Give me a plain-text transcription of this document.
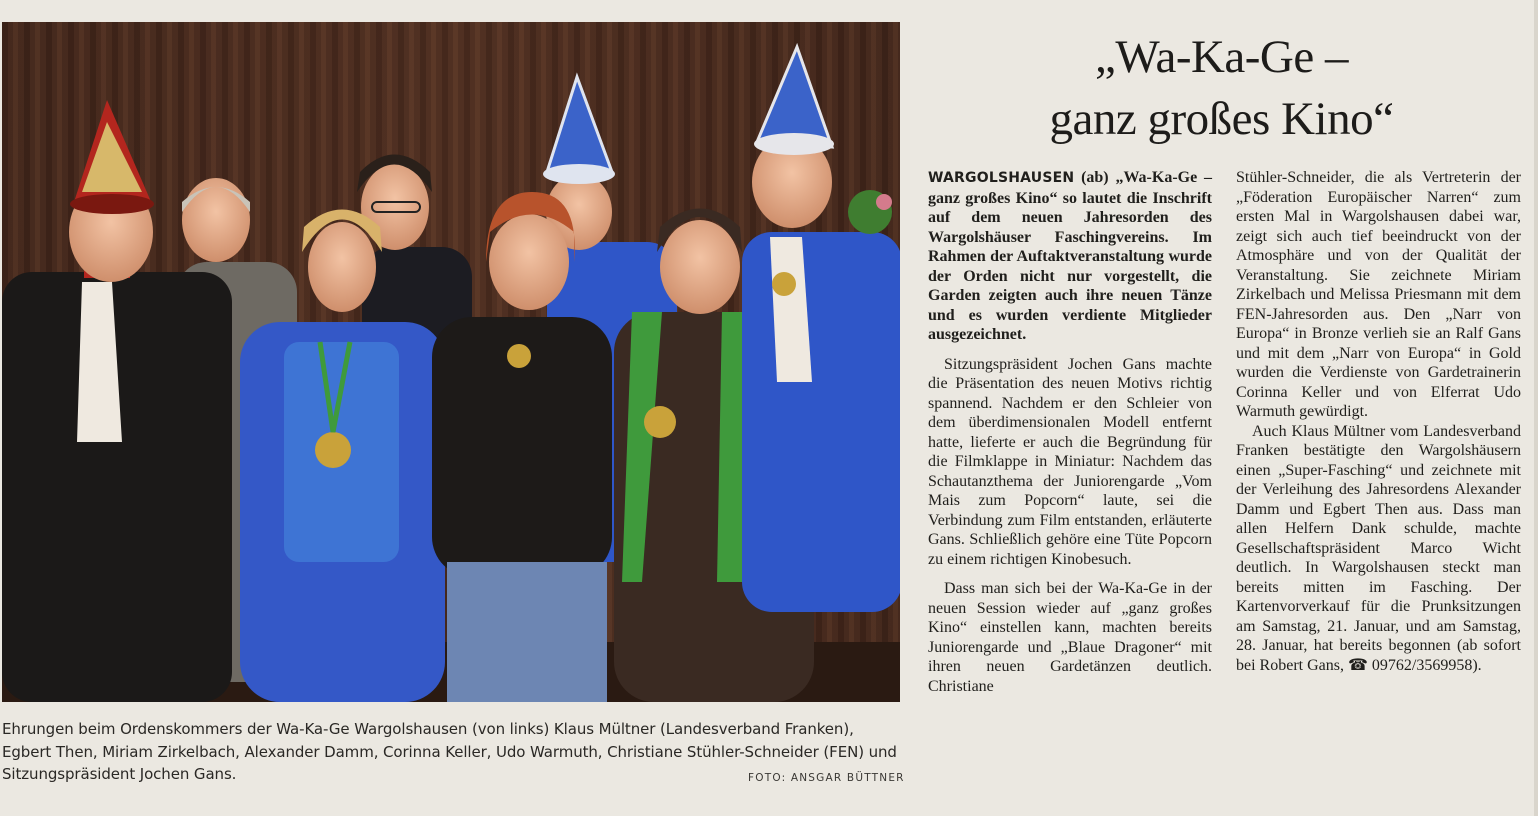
Ehrungen beim Ordenskommers der Wa-Ka-Ge Wargolshausen (von links) Klaus Mültner (Landesverband Franken), Egbert Then, Miriam Zirkelbach, Alexander Damm, Corinna Keller, Udo Warmuth, Christiane Stühler-Schneider (FEN) und Sitzungspräsident Jochen Gans.	FOTO: ANSGAR BÜTTNER
„Wa-Ka-Ge –
ganz großes Kino“

WARGOLSHAUSEN (ab) „Wa-Ka-Ge – ganz großes Kino“ so lautet die Inschrift auf dem neuen Jahresorden des Wargolshäuser Faschingvereins. Im Rahmen der Auftaktveranstaltung wurde der Orden nicht nur vorgestellt, die Garden zeigten auch ihre neuen Tänze und es wurden verdiente Mitglieder ausgezeichnet.

Sitzungspräsident Jochen Gans machte die Präsentation des neuen Motivs richtig spannend. Nachdem er den Schleier von dem überdimensionalen Modell entfernt hatte, lieferte er auch die Begründung für die Filmklappe in Miniatur: Nachdem das Schautanzthema der Juniorengarde „Vom Mais zum Popcorn“ laute, sei die Verbindung zum Film entstanden, erläuterte Gans. Schließlich gehöre eine Tüte Popcorn zu einem richtigen Kinobesuch.

Dass man sich bei der Wa-Ka-Ge in der neuen Session wieder auf „ganz großes Kino“ einstellen kann, machten bereits Juniorengarde und „Blaue Dragoner“ mit ihren neuen Gardetänzen deutlich. Christiane

Stühler-Schneider, die als Vertreterin der „Föderation Europäischer Narren“ zum ersten Mal in Wargolshausen dabei war, zeigt sich auch tief beeindruckt von der Atmosphäre und von der Qualität der Veranstaltung. Sie zeichnete Miriam Zirkelbach und Melissa Priesmann mit dem FEN-Jahresorden aus. Den „Narr von Europa“ in Bronze verlieh sie an Ralf Gans und mit dem „Narr von Europa“ in Gold wurden die Verdienste von Gardetrainerin Corinna Keller und von Elferrat Udo Warmuth gewürdigt.

Auch Klaus Mültner vom Landesverband Franken bestätigte den Wargolshäusern einen „Super-Fasching“ und zeichnete mit der Verleihung des Jahresordens Alexander Damm und Egbert Then aus. Dass man allen Helfern Dank schulde, machte Gesellschaftspräsident Marco Wicht deutlich. In Wargolshausen steckt man bereits mitten im Fasching. Der Kartenvorverkauf für die Prunksitzungen am Samstag, 21. Januar, und am Samstag, 28. Januar, hat bereits begonnen (ab sofort bei Robert Gans, ☎ 09762/3569958).
